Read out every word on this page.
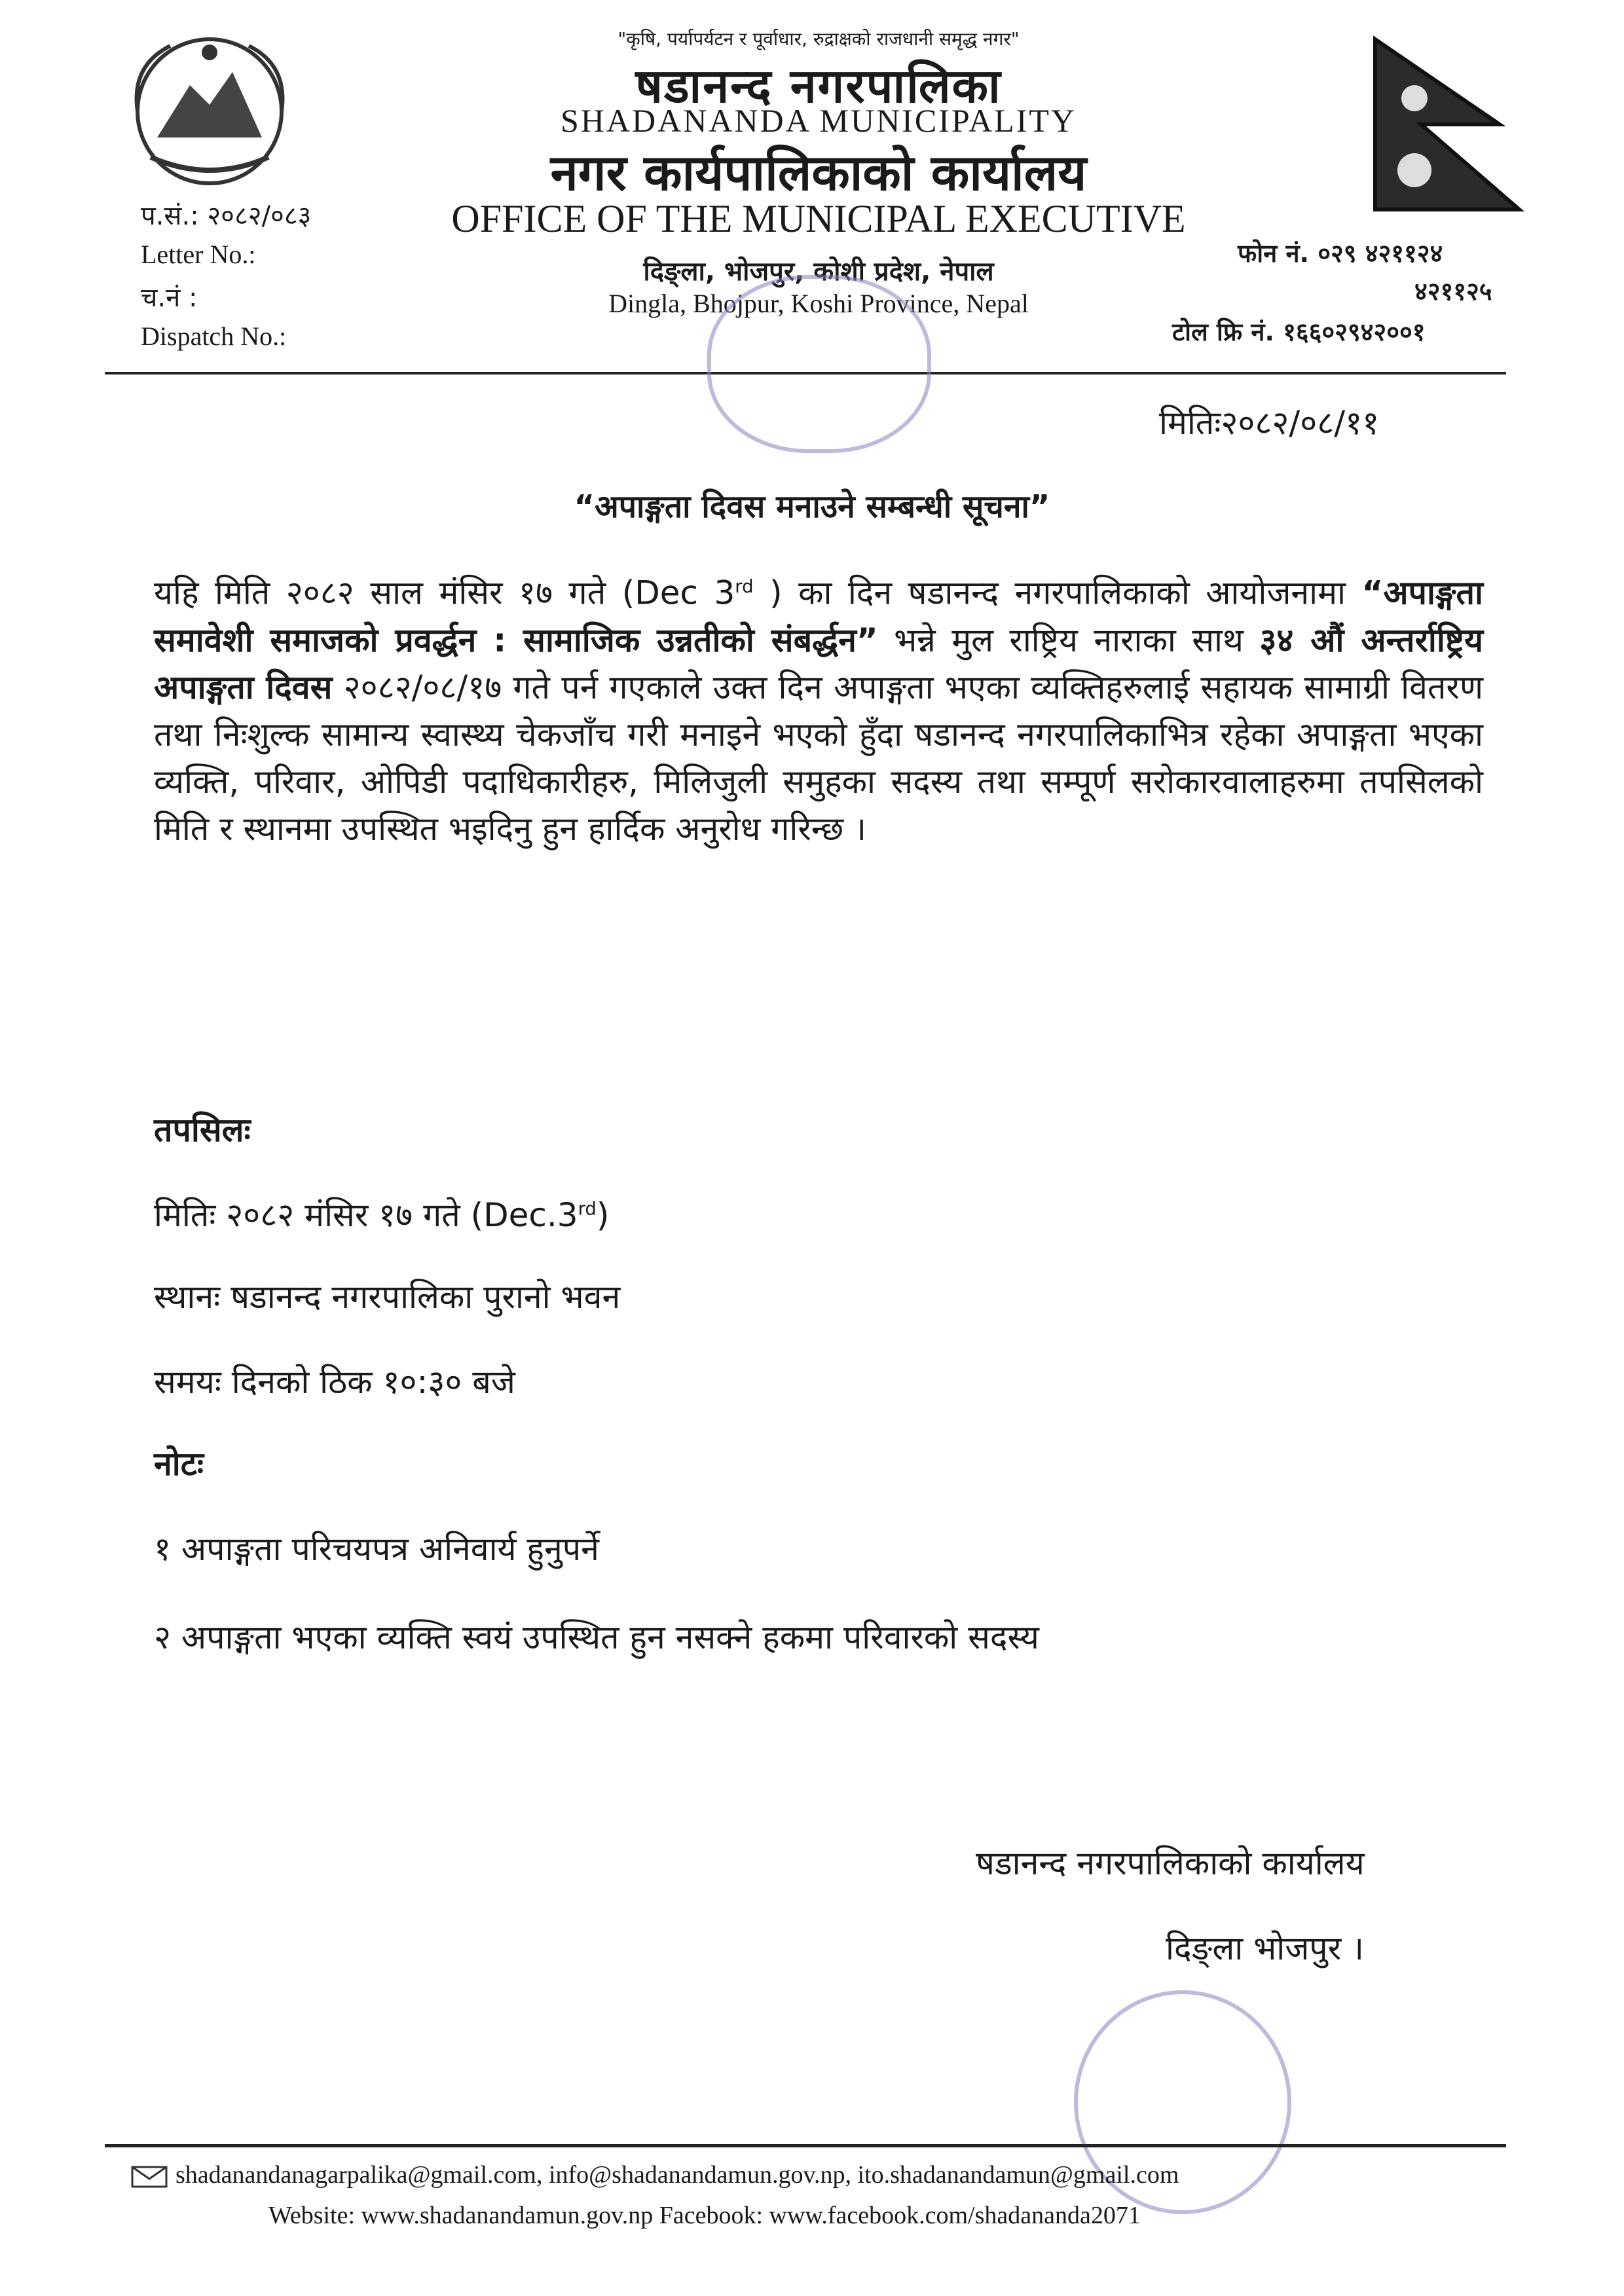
"कृषि, पर्यापर्यटन र पूर्वाधार, रुद्राक्षको राजधानी समृद्ध नगर"
षडानन्द नगरपालिका
SHADANANDA MUNICIPALITY
नगर कार्यपालिकाको कार्यालय
OFFICE OF THE MUNICIPAL EXECUTIVE
दिङ्ला, भोजपुर, कोशी प्रदेश, नेपाल
Dingla, Bhojpur, Koshi Province, Nepal
प.सं.: २०८२/०८३
Letter No.:
च.नं :
Dispatch No.:
फोन नं. ०२९ ४२११२४
४२११२५
टोल फ्रि नं. १६६०२९४२००१
मितिः२०८२/०८/११
“अपाङ्गता दिवस मनाउने सम्बन्धी सूचना”
यहि मिति २०८२ साल मंसिर १७ गते (Dec 3rd ) का दिन षडानन्द नगरपालिकाको आयोजनामा “अपाङ्गता समावेशी समाजको प्रवर्द्धन : सामाजिक उन्नतीको संबर्द्धन” भन्ने मुल राष्ट्रिय नाराका साथ ३४ औं अन्तर्राष्ट्रिय अपाङ्गता दिवस २०८२/०८/१७ गते पर्न गएकाले उक्त दिन अपाङ्गता भएका व्यक्तिहरुलाई सहायक सामाग्री वितरण तथा निःशुल्क सामान्य स्वास्थ्य चेकजाँच गरी मनाइने भएको हुँदा षडानन्द नगरपालिकाभित्र रहेका अपाङ्गता भएका व्यक्ति, परिवार, ओपिडी पदाधिकारीहरु, मिलिजुली समुहका सदस्य तथा सम्पूर्ण सरोकारवालाहरुमा तपसिलको मिति र स्थानमा उपस्थित भइदिनु हुन हार्दिक अनुरोध गरिन्छ ।
तपसिलः
मितिः २०८२ मंसिर १७ गते (Dec.3rd)
स्थानः षडानन्द नगरपालिका पुरानो भवन
समयः दिनको ठिक १०:३० बजे
नोटः
१ अपाङ्गता परिचयपत्र अनिवार्य हुनुपर्ने
२ अपाङ्गता भएका व्यक्ति स्वयं उपस्थित हुन नसक्ने हकमा परिवारको सदस्य
षडानन्द नगरपालिकाको कार्यालय
दिङ्ला भोजपुर ।
shadanandanagarpalika@gmail.com, info@shadanandamun.gov.np, ito.shadanandamun@gmail.com
Website: www.shadanandamun.gov.np Facebook: www.facebook.com/shadananda2071
